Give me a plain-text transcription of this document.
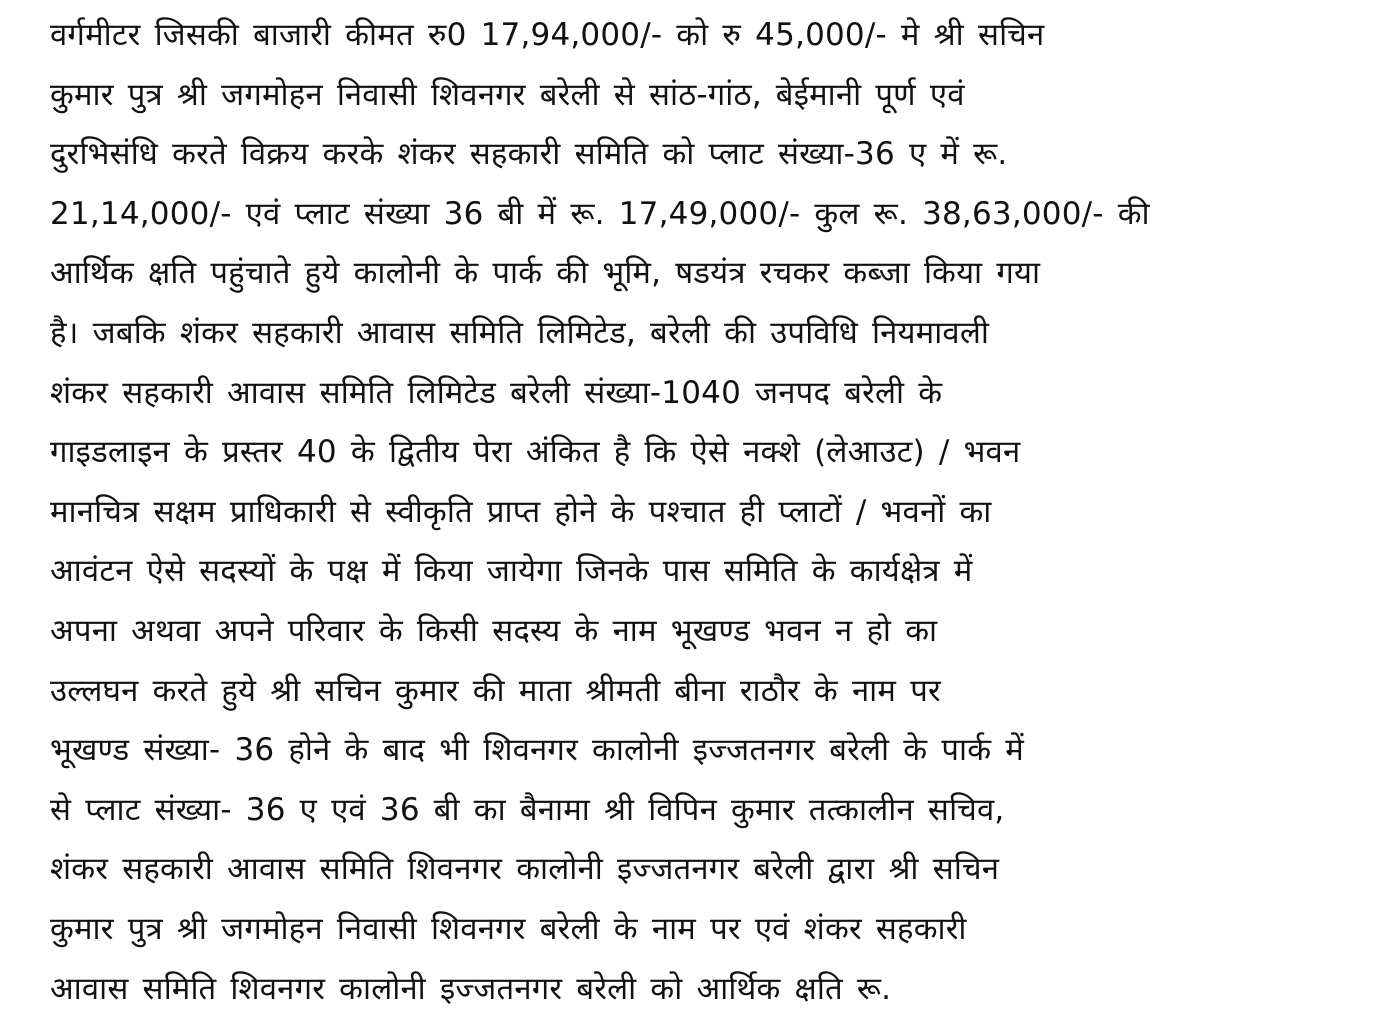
वर्गमीटर जिसकी बाजारी कीमत रु0 17,94,000/- को रु 45,000/- मे श्री सचिन
कुमार पुत्र श्री जगमोहन निवासी शिवनगर बरेली से सांठ-गांठ, बेईमानी पूर्ण एवं
दुरभिसंधि करते विक्रय करके शंकर सहकारी समिति को प्लाट संख्या-36 ए में रू.
21,14,000/- एवं प्लाट संख्या 36 बी में रू. 17,49,000/- कुल रू. 38,63,000/- की
आर्थिक क्षति पहुंचाते हुये कालोनी के पार्क की भूमि, षडयंत्र रचकर कब्जा किया गया
है। जबकि शंकर सहकारी आवास समिति लिमिटेड, बरेली की उपविधि नियमावली
शंकर सहकारी आवास समिति लिमिटेड बरेली संख्या-1040 जनपद बरेली के
गाइडलाइन के प्रस्तर 40 के द्वितीय पेरा अंकित है कि ऐसे नक्शे (लेआउट) / भवन
मानचित्र सक्षम प्राधिकारी से स्वीकृति प्राप्त होने के पश्चात ही प्लाटों / भवनों का
आवंटन ऐसे सदस्यों के पक्ष में किया जायेगा जिनके पास समिति के कार्यक्षेत्र में
अपना अथवा अपने परिवार के किसी सदस्य के नाम भूखण्ड भवन न हो का
उल्लघन करते हुये श्री सचिन कुमार की माता श्रीमती बीना राठौर के नाम पर
भूखण्ड संख्या- 36 होने के बाद भी शिवनगर कालोनी इज्जतनगर बरेली के पार्क में
से प्लाट संख्या- 36 ए एवं 36 बी का बैनामा श्री विपिन कुमार तत्कालीन सचिव,
शंकर सहकारी आवास समिति शिवनगर कालोनी इज्जतनगर बरेली द्वारा श्री सचिन
कुमार पुत्र श्री जगमोहन निवासी शिवनगर बरेली के नाम पर एवं शंकर सहकारी
आवास समिति शिवनगर कालोनी इज्जतनगर बरेली को आर्थिक क्षति रू.
